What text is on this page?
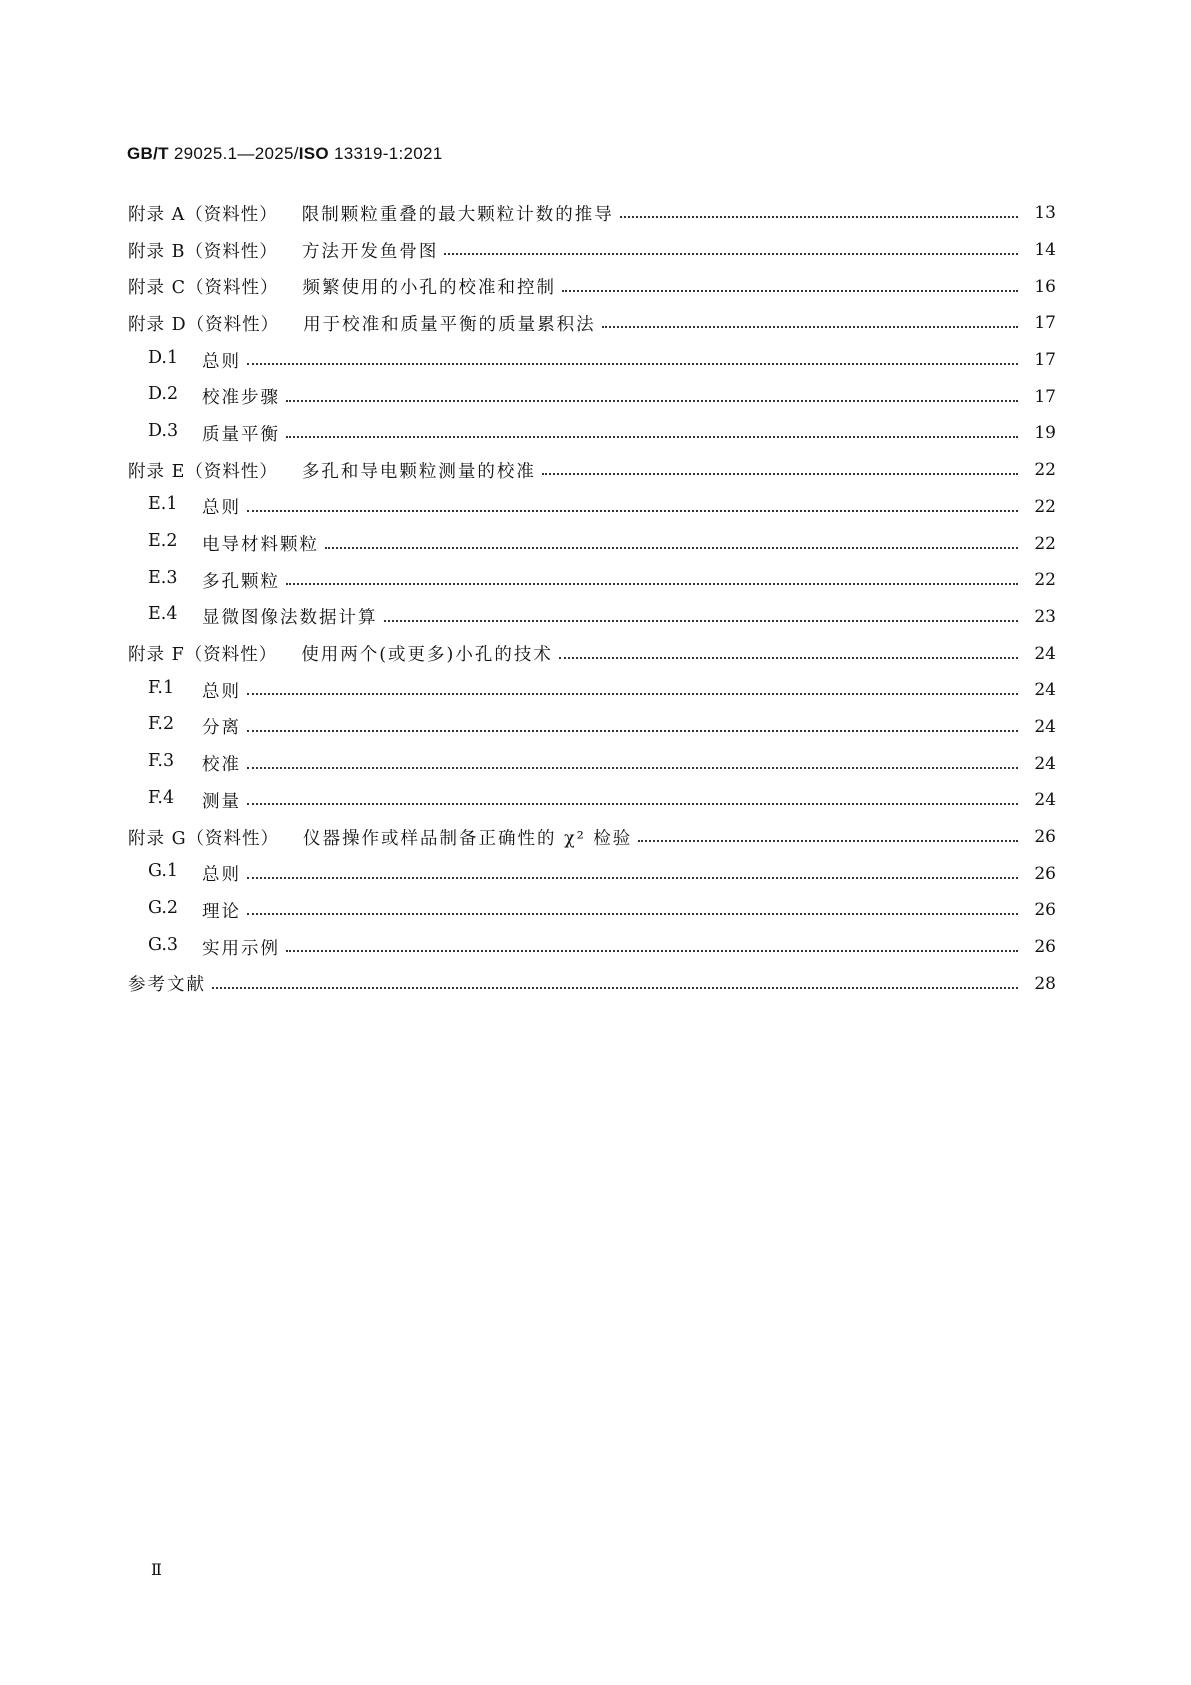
GB/T 29025.1—2025/ISO 13319-1:2021
附录 A（资料性） 限制颗粒重叠的最大颗粒计数的推导	13
附录 B（资料性） 方法开发鱼骨图	14
附录 C（资料性） 频繁使用的小孔的校准和控制	16
附录 D（资料性） 用于校准和质量平衡的质量累积法	17
D.1	总则	17
D.2	校准步骤	17
D.3	质量平衡	19
附录 E（资料性） 多孔和导电颗粒测量的校准	22
E.1	总则	22
E.2	电导材料颗粒	22
E.3	多孔颗粒	22
E.4	显微图像法数据计算	23
附录 F（资料性） 使用两个(或更多)小孔的技术	24
F.1	总则	24
F.2	分离	24
F.3	校准	24
F.4	测量	24
附录 G（资料性） 仪器操作或样品制备正确性的 χ² 检验	26
G.1	总则	26
G.2	理论	26
G.3	实用示例	26
参考文献	28
Ⅱ
